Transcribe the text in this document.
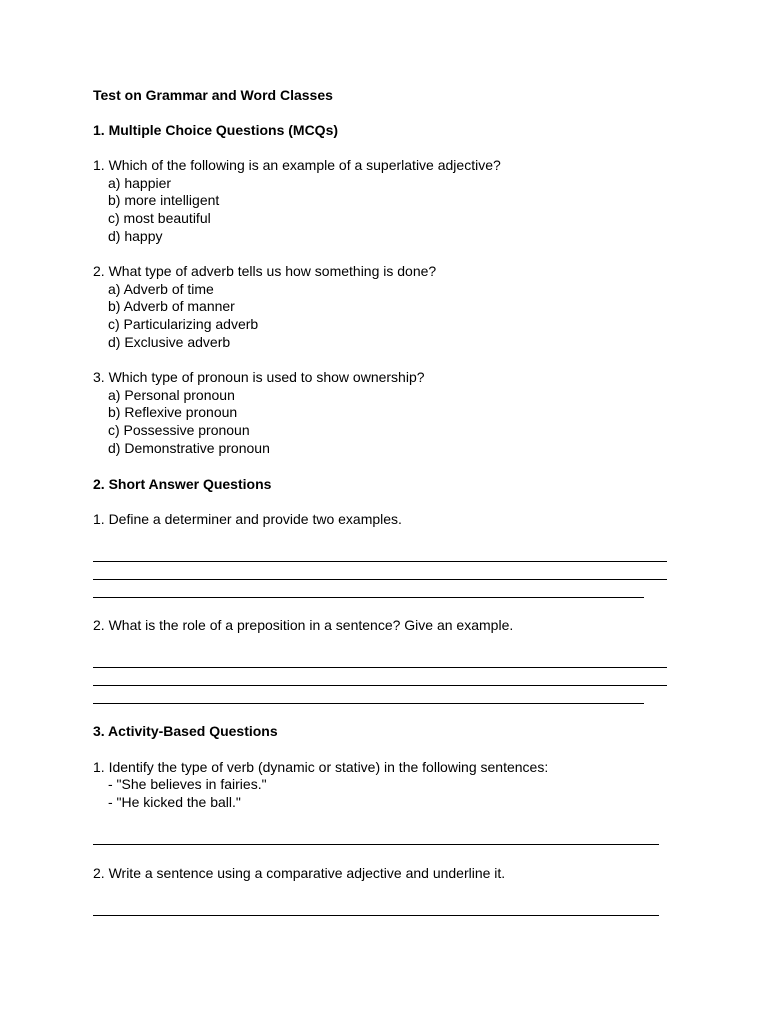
Test on Grammar and Word Classes
1. Multiple Choice Questions (MCQs)
1. Which of the following is an example of a superlative adjective?
a) happier
b) more intelligent
c) most beautiful
d) happy
2. What type of adverb tells us how something is done?
a) Adverb of time
b) Adverb of manner
c) Particularizing adverb
d) Exclusive adverb
3. Which type of pronoun is used to show ownership?
a) Personal pronoun
b) Reflexive pronoun
c) Possessive pronoun
d) Demonstrative pronoun
2. Short Answer Questions
1. Define a determiner and provide two examples.
2. What is the role of a preposition in a sentence? Give an example.
3. Activity-Based Questions
1. Identify the type of verb (dynamic or stative) in the following sentences:
- "She believes in fairies."
- "He kicked the ball."
2. Write a sentence using a comparative adjective and underline it.
